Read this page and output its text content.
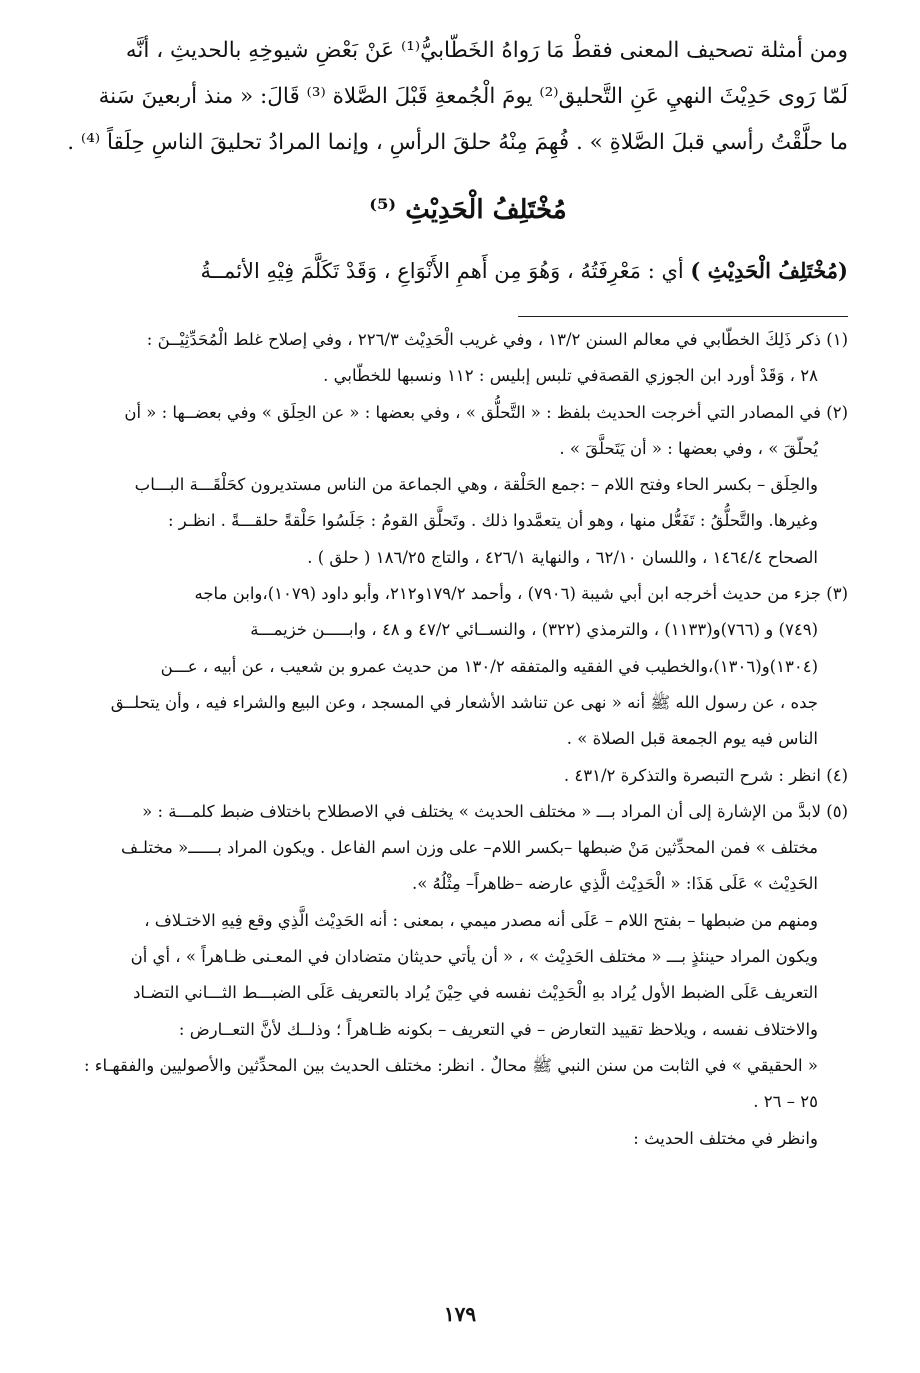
ومن أمثلة تصحيف المعنى فقطْ مَا رَواهُ الخَطّابيُّ⁽¹⁾ عَنْ بَعْضِ شيوخِهِ بالحديثِ ، أنَّه
لَمّا رَوى حَدِيْثَ النهيِ عَنِ التَّحليق⁽²⁾ يومَ الْجُمعةِ قَبْلَ الصَّلاة ⁽³⁾ قَالَ: « منذ أربعينَ سَنة
ما حلَّقْتُ رأسي قبلَ الصَّلاةِ » . فُهِمَ مِنْهُ حلقَ الرأسِ ، وإنما المرادُ تحليقَ الناسِ حِلَقاً ⁽⁴⁾ .
مُخْتَلِفُ الْحَدِيْثِ ⁽⁵⁾
(مُخْتَلِفُ الْحَدِيْثِ ) أي : مَعْرِفَتُهُ ، وَهُوَ مِن أَهمِ الأَنْوَاعِ ، وَقَدْ تَكَلَّمَ فِيْهِ الأئمــةُ
(١) ذكر ذَلِكَ الخطّابي في معالم السنن ١٣/٢ ، وفي غريب الْحَدِيْث ٢٢٦/٣ ، وفي إصلاح غلط الْمُحَدِّثِيْــنَ :
٢٨ ، وَقَدْ أورد ابن الجوزي القصةفي تلبس إبليس : ١١٢ ونسبها للخطّابي .
(٢) في المصادر التي أخرجت الحديث بلفظ : « التَّحلُّق » ، وفي بعضها : « عن الحِلَق » وفي بعضــها : « أن
يُحلّقَ » ، وفي بعضها : « أن يَتَحلَّقَ » .
والحِلَق – بكسر الحاء وفتح اللام – :جمع الحَلْقة ، وهي الجماعة من الناس مستديرون كحَلْقَـــة البـــاب
وغيرها. والتَّحلُّقُ : تَفَعُّل منها ، وهو أن يتعمَّدوا ذلك . وتَحلَّق القومُ : جَلَسُوا حَلْقةً حلقـــةً . انظـر :
الصحاح ١٤٦٤/٤ ، واللسان ٦٢/١٠ ، والنهاية ٤٢٦/١ ، والتاج ١٨٦/٢٥ ( حلق ) .
(٣) جزء من حديث أخرجه ابن أبي شيبة (٧٩٠٦) ، وأحمد ١٧٩/٢و٢١٢، وأبو داود (١٠٧٩)،وابن ماجه
(٧٤٩) و (٧٦٦)و(١١٣٣) ، والترمذي (٣٢٢) ، والنســائي ٤٧/٢ و ٤٨ ، وابـــــن خزيمـــة
(١٣٠٤)و(١٣٠٦)،والخطيب في الفقيه والمتفقه ١٣٠/٢ من حديث عمرو بن شعيب ، عن أبيه ، عـــن
جده ، عن رسول الله ﷺ أنه « نهى عن تناشد الأشعار في المسجد ، وعن البيع والشراء فيه ، وأن يتحلــق
الناس فيه يوم الجمعة قبل الصلاة » .
(٤) انظر : شرح التبصرة والتذكرة ٤٣١/٢ .
(٥) لابدَّ من الإشارة إلى أن المراد بـــ « مختلف الحديث » يختلف في الاصطلاح باختلاف ضبط كلمـــة : «
مختلف » فمن المحدِّثين مَنْ ضبطها –بكسر اللام– على وزن اسم الفاعل . ويكون المراد بــــــ« مختلـف
الحَدِيْث » عَلَى هَذَا: « الْحَدِيْث الَّذِي عارضه –ظاهراً– مِثْلُهُ ».
ومنهم من ضبطها – بفتح اللام – عَلَى أنه مصدر ميمي ، بمعنى : أنه الحَدِيْث الَّذِي وقع فِيهِ الاختـلاف ،
ويكون المراد حينئذٍ بـــ « مختلف الحَدِيْث » ، « أن يأتي حديثان متضادان في المعـنى ظـاهراً » ، أي أن
التعريف عَلَى الضبط الأول يُراد بهِ الْحَدِيْث نفسه في حِيْنَ يُراد بالتعريف عَلَى الضبـــط الثـــاني التضـاد
والاختلاف نفسه ، ويلاحظ تقييد التعارض – في التعريف – بكونه ظـاهراً ؛ وذلــك لأنَّ التعــارض :
« الحقيقي » في الثابت من سنن النبي ﷺ محالٌ . انظر: مختلف الحديث بين المحدِّثين والأصوليين والفقهـاء :
٢٥ – ٢٦ .
وانظر في مختلف الحديث :
١٧٩
